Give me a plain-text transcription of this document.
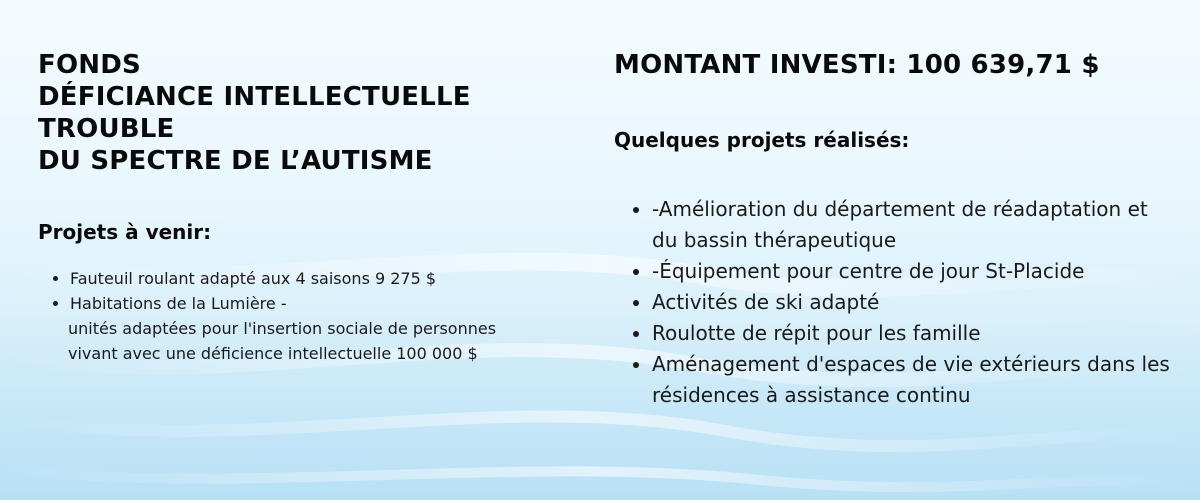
FONDS
DÉFICIANCE INTELLECTUELLE
TROUBLE
DU SPECTRE DE L’AUTISME
Projets à venir:
• Fauteuil roulant adapté aux 4 saisons 9 275 $
• Habitations de la Lumière -
unités adaptées pour l'insertion sociale de personnes
vivant avec une déficience intellectuelle 100 000 $
MONTANT INVESTI: 100 639,71 $
Quelques projets réalisés:
• -Amélioration du département de réadaptation et du bassin thérapeutique
• -Équipement pour centre de jour St-Placide
• Activités de ski adapté
• Roulotte de répit pour les famille
• Aménagement d'espaces de vie extérieurs dans les résidences à assistance continu
